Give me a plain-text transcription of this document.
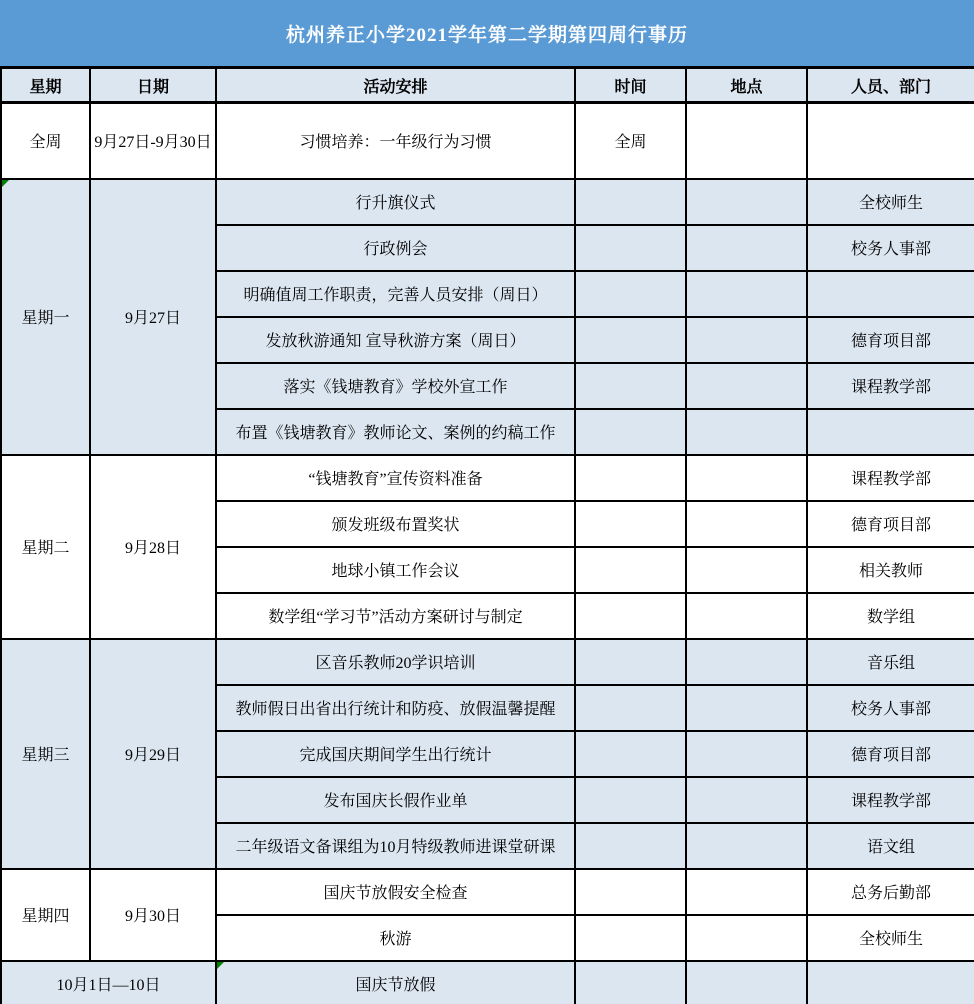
杭州养正小学2021学年第二学期第四周行事历
星期	日期	活动安排	时间	地点	人员、部门
全周	9月27日-9月30日	习惯培养：一年级行为习惯	全周		

星期一	9月27日	行升旗仪式			全校师生
		行政例会			校务人事部
		明确值周工作职责，完善人员安排（周日）			
		发放秋游通知 宣导秋游方案（周日）			德育项目部
		落实《钱塘教育》学校外宣工作			课程教学部
		布置《钱塘教育》教师论文、案例的约稿工作			
星期二	9月28日	“钱塘教育”宣传资料准备			课程教学部
		颁发班级布置奖状			德育项目部
		地球小镇工作会议			相关教师
		数学组“学习节”活动方案研讨与制定			数学组
星期三	9月29日	区音乐教师20学识培训			音乐组
		教师假日出省出行统计和防疫、放假温馨提醒			校务人事部
		完成国庆期间学生出行统计			德育项目部
		发布国庆长假作业单			课程教学部
		二年级语文备课组为10月特级教师进课堂研课			语文组
星期四	9月30日	国庆节放假安全检查			总务后勤部
		秋游			全校师生
10月1日—10日		国庆节放假			
